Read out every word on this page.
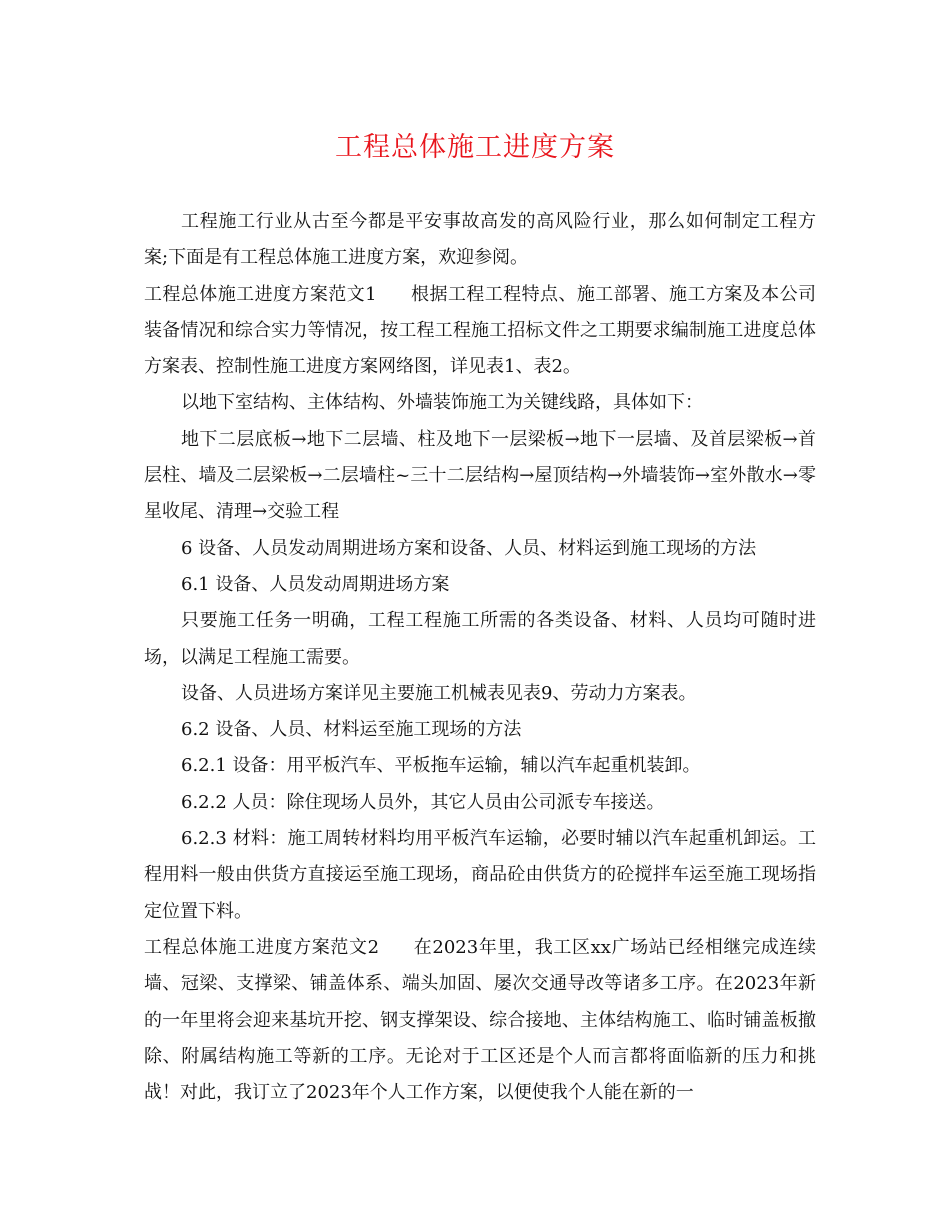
工程总体施工进度方案

工程施工行业从古至今都是平安事故高发的高风险行业，那么如何制定工程方案;下面是有工程总体施工进度方案，欢迎参阅。

工程总体施工进度方案范文1 根据工程工程特点、施工部署、施工方案及本公司装备情况和综合实力等情况，按工程工程施工招标文件之工期要求编制施工进度总体方案表、控制性施工进度方案网络图，详见表1、表2。

以地下室结构、主体结构、外墙装饰施工为关键线路，具体如下：

地下二层底板→地下二层墙、柱及地下一层梁板→地下一层墙、及首层梁板→首层柱、墙及二层梁板→二层墙柱~三十二层结构→屋顶结构→外墙装饰→室外散水→零星收尾、清理→交验工程

6 设备、人员发动周期进场方案和设备、人员、材料运到施工现场的方法

6.1 设备、人员发动周期进场方案

只要施工任务一明确，工程工程施工所需的各类设备、材料、人员均可随时进场，以满足工程施工需要。

设备、人员进场方案详见主要施工机械表见表9、劳动力方案表。

6.2 设备、人员、材料运至施工现场的方法

6.2.1 设备：用平板汽车、平板拖车运输，辅以汽车起重机装卸。

6.2.2 人员：除住现场人员外，其它人员由公司派专车接送。

6.2.3 材料：施工周转材料均用平板汽车运输，必要时辅以汽车起重机卸运。工程用料一般由供货方直接运至施工现场，商品砼由供货方的砼搅拌车运至施工现场指定位置下料。

工程总体施工进度方案范文2 在2023年里，我工区xx广场站已经相继完成连续墙、冠梁、支撑梁、铺盖体系、端头加固、屡次交通导改等诸多工序。在2023年新的一年里将会迎来基坑开挖、钢支撑架设、综合接地、主体结构施工、临时铺盖板撤除、附属结构施工等新的工序。无论对于工区还是个人而言都将面临新的压力和挑战！对此，我订立了2023年个人工作方案，以便使我个人能在新的一
